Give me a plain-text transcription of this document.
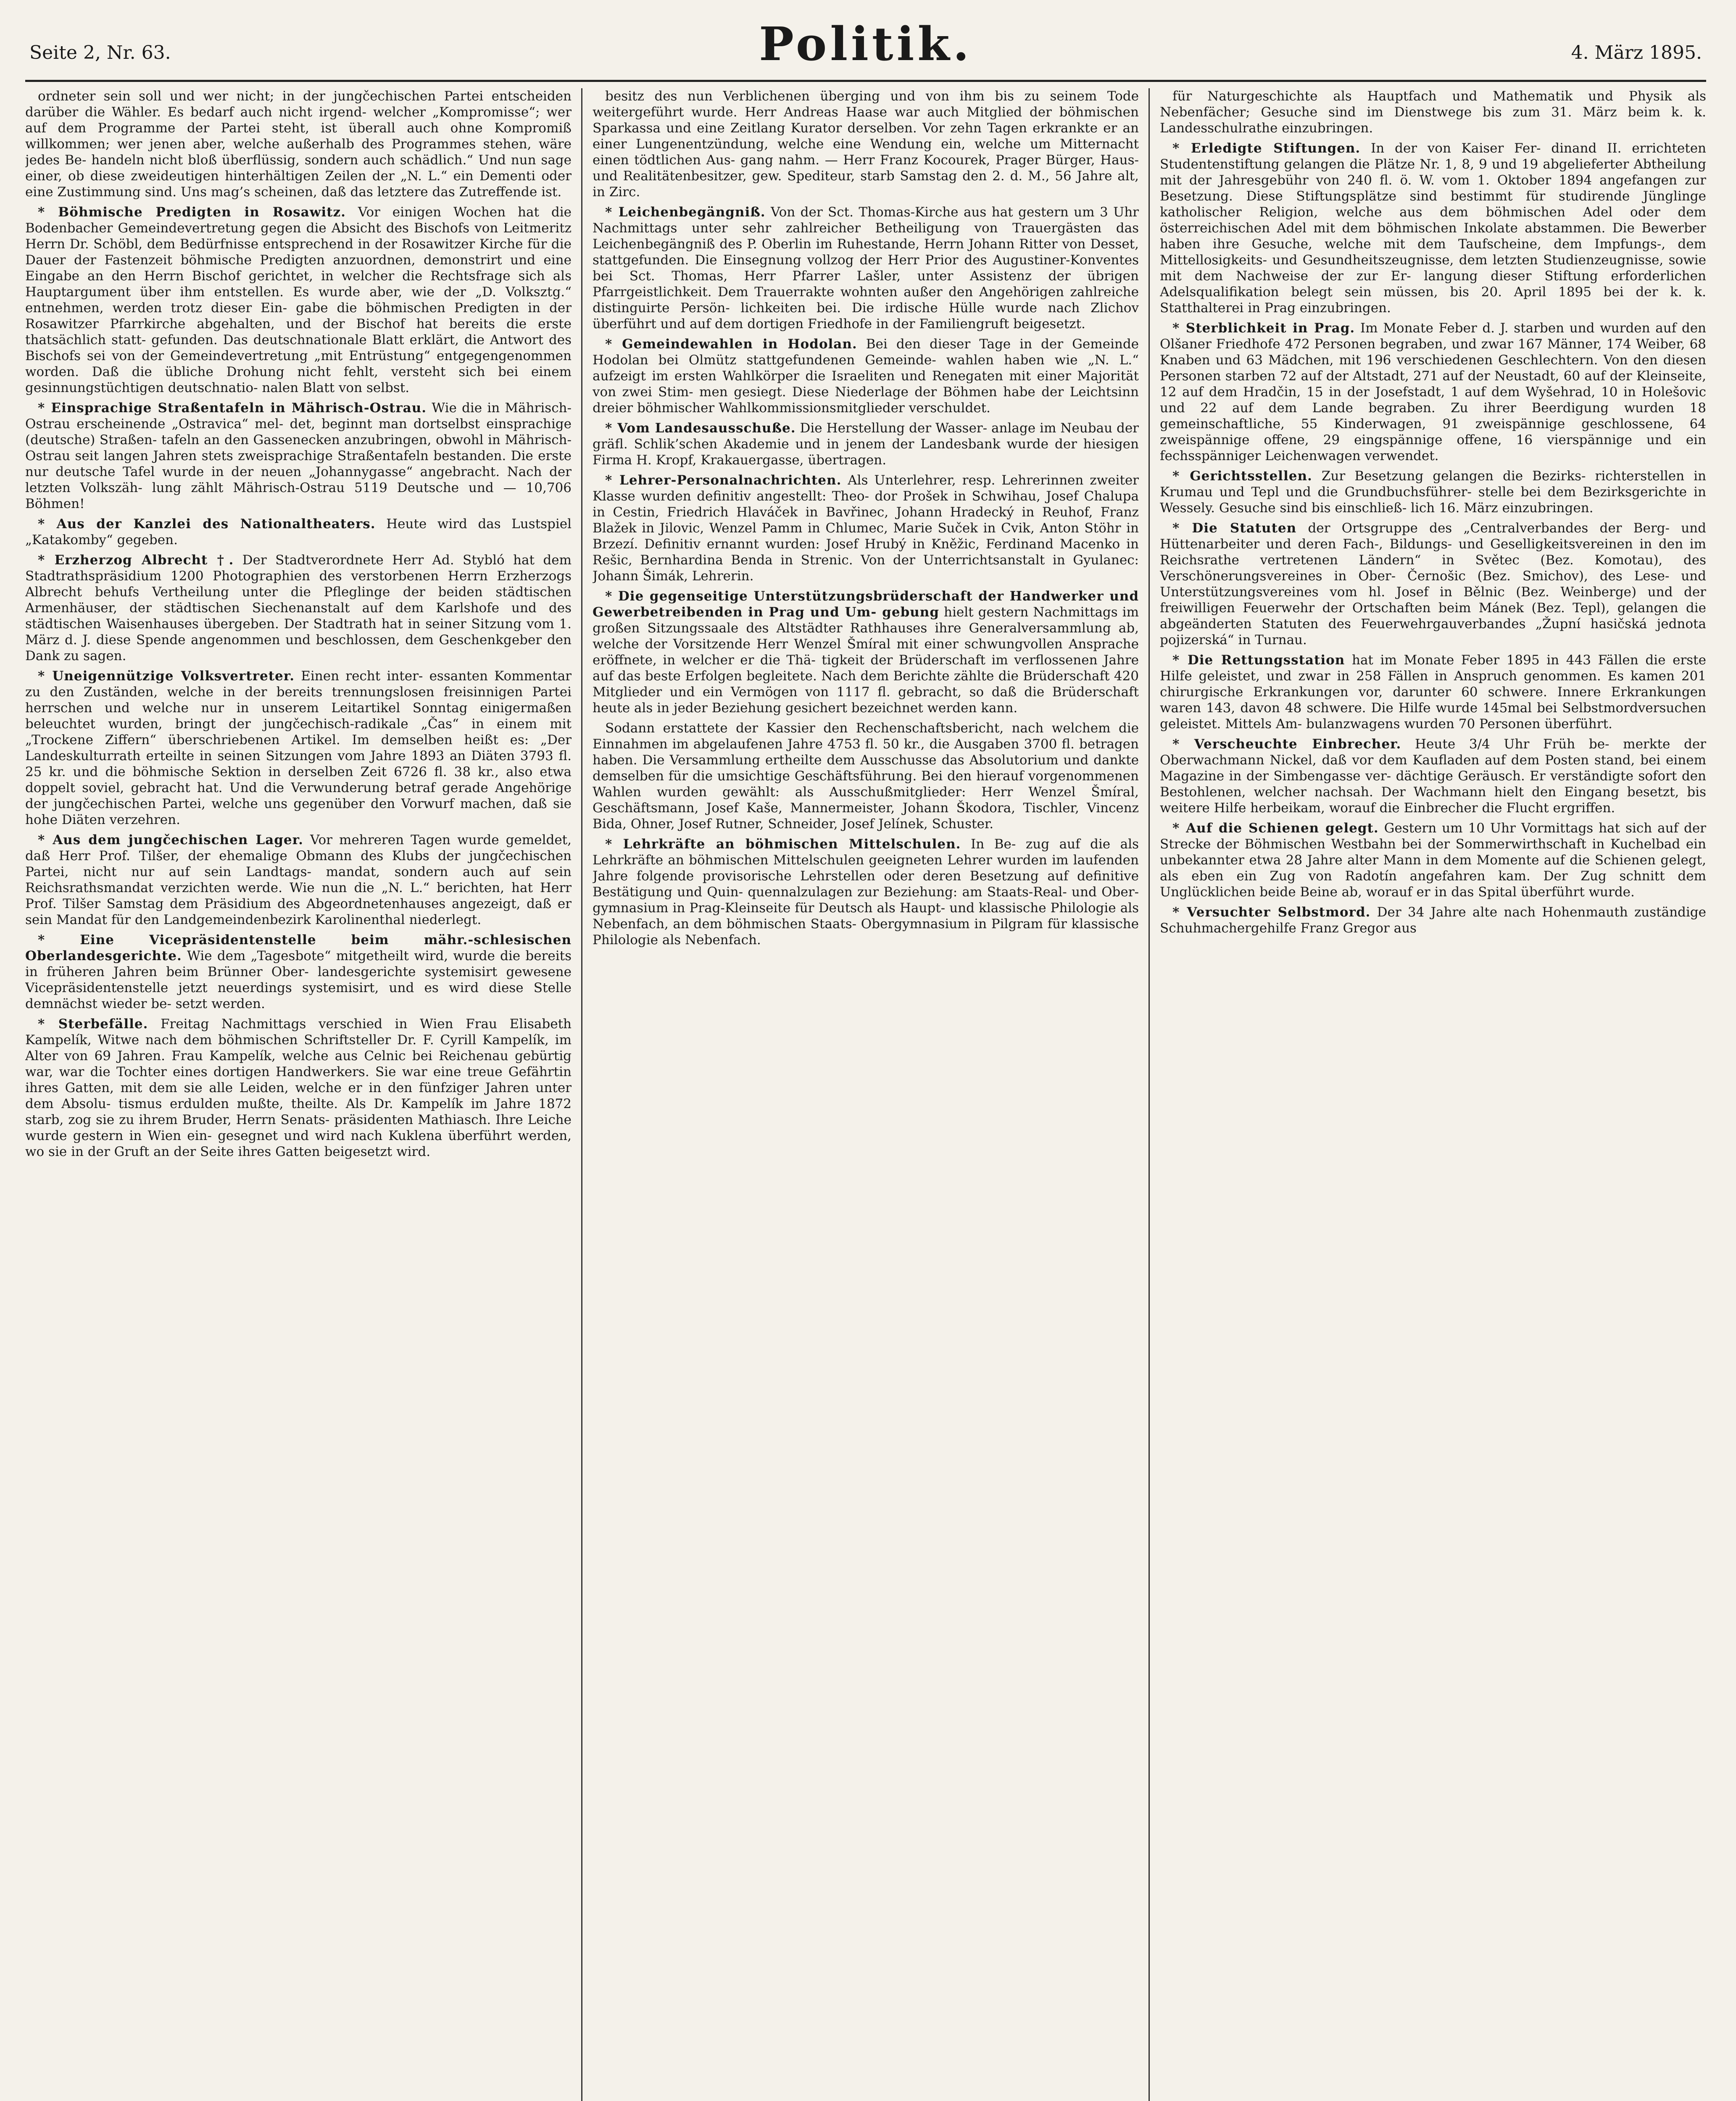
Seite 2, Nr. 63.	Politik.	4. März 1895.

ordneter sein soll und wer nicht; in der jungčechischen Partei entscheiden darüber die Wähler. Es bedarf auch nicht irgend- welcher „Kompromisse“; wer auf dem Programme der Partei steht, ist überall auch ohne Kompromiß willkommen; wer jenen aber, welche außerhalb des Programmes stehen, wäre jedes Be- handeln nicht bloß überflüssig, sondern auch schädlich.“ Und nun sage einer, ob diese zweideutigen hinterhältigen Zeilen der „N. L.“ ein Dementi oder eine Zustimmung sind. Uns mag’s scheinen, daß das letztere das Zutreffende ist.

* Böhmische Predigten in Rosawitz. Vor einigen Wochen hat die Bodenbacher Gemeindevertretung gegen die Absicht des Bischofs von Leitmeritz Herrn Dr. Schöbl, dem Bedürfnisse entsprechend in der Rosawitzer Kirche für die Dauer der Fastenzeit böhmische Predigten anzuordnen, demonstrirt und eine Eingabe an den Herrn Bischof gerichtet, in welcher die Rechtsfrage sich als Hauptargument über ihm entstellen. Es wurde aber, wie der „D. Volksztg.“ entnehmen, werden trotz dieser Ein- gabe die böhmischen Predigten in der Rosawitzer Pfarrkirche abgehalten, und der Bischof hat bereits die erste thatsächlich statt- gefunden. Das deutschnationale Blatt erklärt, die Antwort des Bischofs sei von der Gemeindevertretung „mit Entrüstung“ entgegengenommen worden. Daß die übliche Drohung nicht fehlt, versteht sich bei einem gesinnungstüchtigen deutschnatio- nalen Blatt von selbst.

* Einsprachige Straßentafeln in Mährisch-Ostrau. Wie die in Mährisch-Ostrau erscheinende „Ostravica“ mel- det, beginnt man dortselbst einsprachige (deutsche) Straßen- tafeln an den Gassenecken anzubringen, obwohl in Mährisch- Ostrau seit langen Jahren stets zweisprachige Straßentafeln bestanden. Die erste nur deutsche Tafel wurde in der neuen „Johannygasse“ angebracht. Nach der letzten Volkszäh- lung zählt Mährisch-Ostrau 5119 Deutsche und — 10,706 Böhmen!

* Aus der Kanzlei des Nationaltheaters. Heute wird das Lustspiel „Katakomby“ gegeben.

* Erzherzog Albrecht †. Der Stadtverordnete Herr Ad. Stybló hat dem Stadtrathspräsidium 1200 Photographien des verstorbenen Herrn Erzherzogs Albrecht behufs Vertheilung unter die Pfleglinge der beiden städtischen Armenhäuser, der städtischen Siechenanstalt auf dem Karlshofe und des städtischen Waisenhauses übergeben. Der Stadtrath hat in seiner Sitzung vom 1. März d. J. diese Spende angenommen und beschlossen, dem Geschenkgeber den Dank zu sagen.

* Uneigennützige Volksvertreter. Einen recht inter- essanten Kommentar zu den Zuständen, welche in der bereits trennungslosen freisinnigen Partei herrschen und welche nur in unserem Leitartikel Sonntag einigermaßen beleuchtet wurden, bringt der jungčechisch-radikale „Čas“ in einem mit „Trockene Ziffern“ überschriebenen Artikel. Im demselben heißt es: „Der Landeskulturrath erteilte in seinen Sitzungen vom Jahre 1893 an Diäten 3793 fl. 25 kr. und die böhmische Sektion in derselben Zeit 6726 fl. 38 kr., also etwa doppelt soviel, gebracht hat. Und die Verwunderung betraf gerade Angehörige der jungčechischen Partei, welche uns gegenüber den Vorwurf machen, daß sie hohe Diäten verzehren.

* Aus dem jungčechischen Lager. Vor mehreren Tagen wurde gemeldet, daß Herr Prof. Tilšer, der ehemalige Obmann des Klubs der jungčechischen Partei, nicht nur auf sein Landtags- mandat, sondern auch auf sein Reichsrathsmandat verzichten werde. Wie nun die „N. L.“ berichten, hat Herr Prof. Tilšer Samstag dem Präsidium des Abgeordnetenhauses angezeigt, daß er sein Mandat für den Landgemeindenbezirk Karolinenthal niederlegt.

* Eine Vicepräsidentenstelle beim mähr.-schlesischen Oberlandesgerichte. Wie dem „Tagesbote“ mitgetheilt wird, wurde die bereits in früheren Jahren beim Brünner Ober- landesgerichte systemisirt gewesene Vicepräsidentenstelle jetzt neuerdings systemisirt, und es wird diese Stelle demnächst wieder be- setzt werden.

* Sterbefälle. Freitag Nachmittags verschied in Wien Frau Elisabeth Kampelík, Witwe nach dem böhmischen Schriftsteller Dr. F. Cyrill Kampelík, im Alter von 69 Jahren. Frau Kampelík, welche aus Celnic bei Reichenau gebürtig war, war die Tochter eines dortigen Handwerkers. Sie war eine treue Gefährtin ihres Gatten, mit dem sie alle Leiden, welche er in den fünfziger Jahren unter dem Absolu- tismus erdulden mußte, theilte. Als Dr. Kampelík im Jahre 1872 starb, zog sie zu ihrem Bruder, Herrn Senats- präsidenten Mathiasch. Ihre Leiche wurde gestern in Wien ein- gesegnet und wird nach Kuklena überführt werden, wo sie in der Gruft an der Seite ihres Gatten beigesetzt wird.

besitz des nun Verblichenen überging und von ihm bis zu seinem Tode weitergeführt wurde. Herr Andreas Haase war auch Mitglied der böhmischen Sparkassa und eine Zeitlang Kurator derselben. Vor zehn Tagen erkrankte er an einer Lungenentzündung, welche eine Wendung ein, welche um Mitternacht einen tödtlichen Aus- gang nahm. — Herr Franz Kocourek, Prager Bürger, Haus- und Realitätenbesitzer, gew. Spediteur, starb Samstag den 2. d. M., 56 Jahre alt, in Zirc.

* Leichenbegängniß. Von der Sct. Thomas-Kirche aus hat gestern um 3 Uhr Nachmittags unter sehr zahlreicher Betheiligung von Trauergästen das Leichenbegängniß des P. Oberlin im Ruhestande, Herrn Johann Ritter von Desset, stattgefunden. Die Einsegnung vollzog der Herr Prior des Augustiner-Konventes bei Sct. Thomas, Herr Pfarrer Lašler, unter Assistenz der übrigen Pfarrgeistlichkeit. Dem Trauerrakte wohnten außer den Angehörigen zahlreiche distinguirte Persön- lichkeiten bei. Die irdische Hülle wurde nach Zlichov überführt und auf dem dortigen Friedhofe in der Familiengruft beigesetzt.

* Gemeindewahlen in Hodolan. Bei den dieser Tage in der Gemeinde Hodolan bei Olmütz stattgefundenen Gemeinde- wahlen haben wie „N. L.“ aufzeigt im ersten Wahlkörper die Israeliten und Renegaten mit einer Majorität von zwei Stim- men gesiegt. Diese Niederlage der Böhmen habe der Leichtsinn dreier böhmischer Wahlkommissionsmitglieder verschuldet.

* Vom Landesausschuße. Die Herstellung der Wasser- anlage im Neubau der gräfl. Schlik’schen Akademie und in jenem der Landesbank wurde der hiesigen Firma H. Kropf, Krakauergasse, übertragen.

* Lehrer-Personalnachrichten. Als Unterlehrer, resp. Lehrerinnen zweiter Klasse wurden definitiv angestellt: Theo- dor Prošek in Schwihau, Josef Chalupa in Cestin, Friedrich Hlaváček in Bavřinec, Johann Hradecký in Reuhof, Franz Blažek in Jilovic, Wenzel Pamm in Chlumec, Marie Suček in Cvik, Anton Stöhr in Brzezí. Definitiv ernannt wurden: Josef Hrubý in Kněžic, Ferdinand Macenko in Rešic, Bernhardina Benda in Strenic. Von der Unterrichtsanstalt in Gyulanec: Johann Šimák, Lehrerin.

* Die gegenseitige Unterstützungsbrüderschaft der Handwerker und Gewerbetreibenden in Prag und Um- gebung hielt gestern Nachmittags im großen Sitzungssaale des Altstädter Rathhauses ihre Generalversammlung ab, welche der Vorsitzende Herr Wenzel Šmíral mit einer schwungvollen Ansprache eröffnete, in welcher er die Thä- tigkeit der Brüderschaft im verflossenen Jahre auf das beste Erfolgen begleitete. Nach dem Berichte zählte die Brüderschaft 420 Mitglieder und ein Vermögen von 1117 fl. gebracht, so daß die Brüderschaft heute als in jeder Beziehung gesichert bezeichnet werden kann.

Sodann erstattete der Kassier den Rechenschaftsbericht, nach welchem die Einnahmen im abgelaufenen Jahre 4753 fl. 50 kr., die Ausgaben 3700 fl. betragen haben. Die Versammlung ertheilte dem Ausschusse das Absolutorium und dankte demselben für die umsichtige Geschäftsführung. Bei den hierauf vorgenommenen Wahlen wurden gewählt: als Ausschußmitglieder: Herr Wenzel Šmíral, Geschäftsmann, Josef Kaše, Mannermeister, Johann Škodora, Tischler, Vincenz Bida, Ohner, Josef Rutner, Schneider, Josef Jelínek, Schuster.

* Lehrkräfte an böhmischen Mittelschulen. In Be- zug auf die als Lehrkräfte an böhmischen Mittelschulen geeigneten Lehrer wurden im laufenden Jahre folgende provisorische Lehrstellen oder deren Besetzung auf definitive Bestätigung und Quin- quennalzulagen zur Beziehung: am Staats-Real- und Ober- gymnasium in Prag-Kleinseite für Deutsch als Haupt- und klassische Philologie als Nebenfach, an dem böhmischen Staats- Obergymnasium in Pilgram für klassische Philologie als Nebenfach.

für Naturgeschichte als Hauptfach und Mathematik und Physik als Nebenfächer; Gesuche sind im Dienstwege bis zum 31. März beim k. k. Landesschulrathe einzubringen.

* Erledigte Stiftungen. In der von Kaiser Fer- dinand II. errichteten Studentenstiftung gelangen die Plätze Nr. 1, 8, 9 und 19 abgelieferter Abtheilung mit der Jahresgebühr von 240 fl. ö. W. vom 1. Oktober 1894 angefangen zur Besetzung. Diese Stiftungsplätze sind bestimmt für studirende Jünglinge katholischer Religion, welche aus dem böhmischen Adel oder dem österreichischen Adel mit dem böhmischen Inkolate abstammen. Die Bewerber haben ihre Gesuche, welche mit dem Taufscheine, dem Impfungs-, dem Mittellosigkeits- und Gesundheitszeugnisse, dem letzten Studienzeugnisse, sowie mit dem Nachweise der zur Er- langung dieser Stiftung erforderlichen Adelsqualifikation belegt sein müssen, bis 20. April 1895 bei der k. k. Statthalterei in Prag einzubringen.

* Sterblichkeit in Prag. Im Monate Feber d. J. starben und wurden auf den Olšaner Friedhofe 472 Personen begraben, und zwar 167 Männer, 174 Weiber, 68 Knaben und 63 Mädchen, mit 196 verschiedenen Geschlechtern. Von den diesen Personen starben 72 auf der Altstadt, 271 auf der Neustadt, 60 auf der Kleinseite, 12 auf dem Hradčin, 15 in der Josefstadt, 1 auf dem Wyšehrad, 10 in Holešovic und 22 auf dem Lande begraben. Zu ihrer Beerdigung wurden 18 gemeinschaftliche, 55 Kinderwagen, 91 zweispännige geschlossene, 64 zweispännige offene, 29 eingspännige offene, 16 vierspännige und ein fechsspänniger Leichenwagen verwendet.

* Gerichtsstellen. Zur Besetzung gelangen die Bezirks- richterstellen in Krumau und Tepl und die Grundbuchsführer- stelle bei dem Bezirksgerichte in Wessely. Gesuche sind bis einschließ- lich 16. März einzubringen.

* Die Statuten der Ortsgruppe des „Centralverbandes der Berg- und Hüttenarbeiter und deren Fach-, Bildungs- und Geselligkeitsvereinen in den im Reichsrathe vertretenen Ländern“ in Světec (Bez. Komotau), des Verschönerungsvereines in Ober- Černošic (Bez. Smichov), des Lese- und Unterstützungsvereines vom hl. Josef in Bělnic (Bez. Weinberge) und der freiwilligen Feuerwehr der Ortschaften beim Mánek (Bez. Tepl), gelangen die abgeänderten Statuten des Feuerwehrgauverbandes „Župní hasičská jednota pojizerská“ in Turnau.

* Die Rettungsstation hat im Monate Feber 1895 in 443 Fällen die erste Hilfe geleistet, und zwar in 258 Fällen in Anspruch genommen. Es kamen 201 chirurgische Erkrankungen vor, darunter 60 schwere. Innere Erkrankungen waren 143, davon 48 schwere. Die Hilfe wurde 145mal bei Selbstmordversuchen geleistet. Mittels Am- bulanzwagens wurden 70 Personen überführt.

* Verscheuchte Einbrecher. Heute 3/4 Uhr Früh be- merkte der Oberwachmann Nickel, daß vor dem Kaufladen auf dem Posten stand, bei einem Magazine in der Simbengasse ver- dächtige Geräusch. Er verständigte sofort den Bestohlenen, welcher nachsah. Der Wachmann hielt den Eingang besetzt, bis weitere Hilfe herbeikam, worauf die Einbrecher die Flucht ergriffen.

* Auf die Schienen gelegt. Gestern um 10 Uhr Vormittags hat sich auf der Strecke der Böhmischen Westbahn bei der Sommerwirthschaft in Kuchelbad ein unbekannter etwa 28 Jahre alter Mann in dem Momente auf die Schienen gelegt, als eben ein Zug von Radotín angefahren kam. Der Zug schnitt dem Unglücklichen beide Beine ab, worauf er in das Spital überführt wurde.

* Versuchter Selbstmord. Der 34 Jahre alte nach Hohenmauth zuständige Schuhmachergehilfe Franz Gregor aus
